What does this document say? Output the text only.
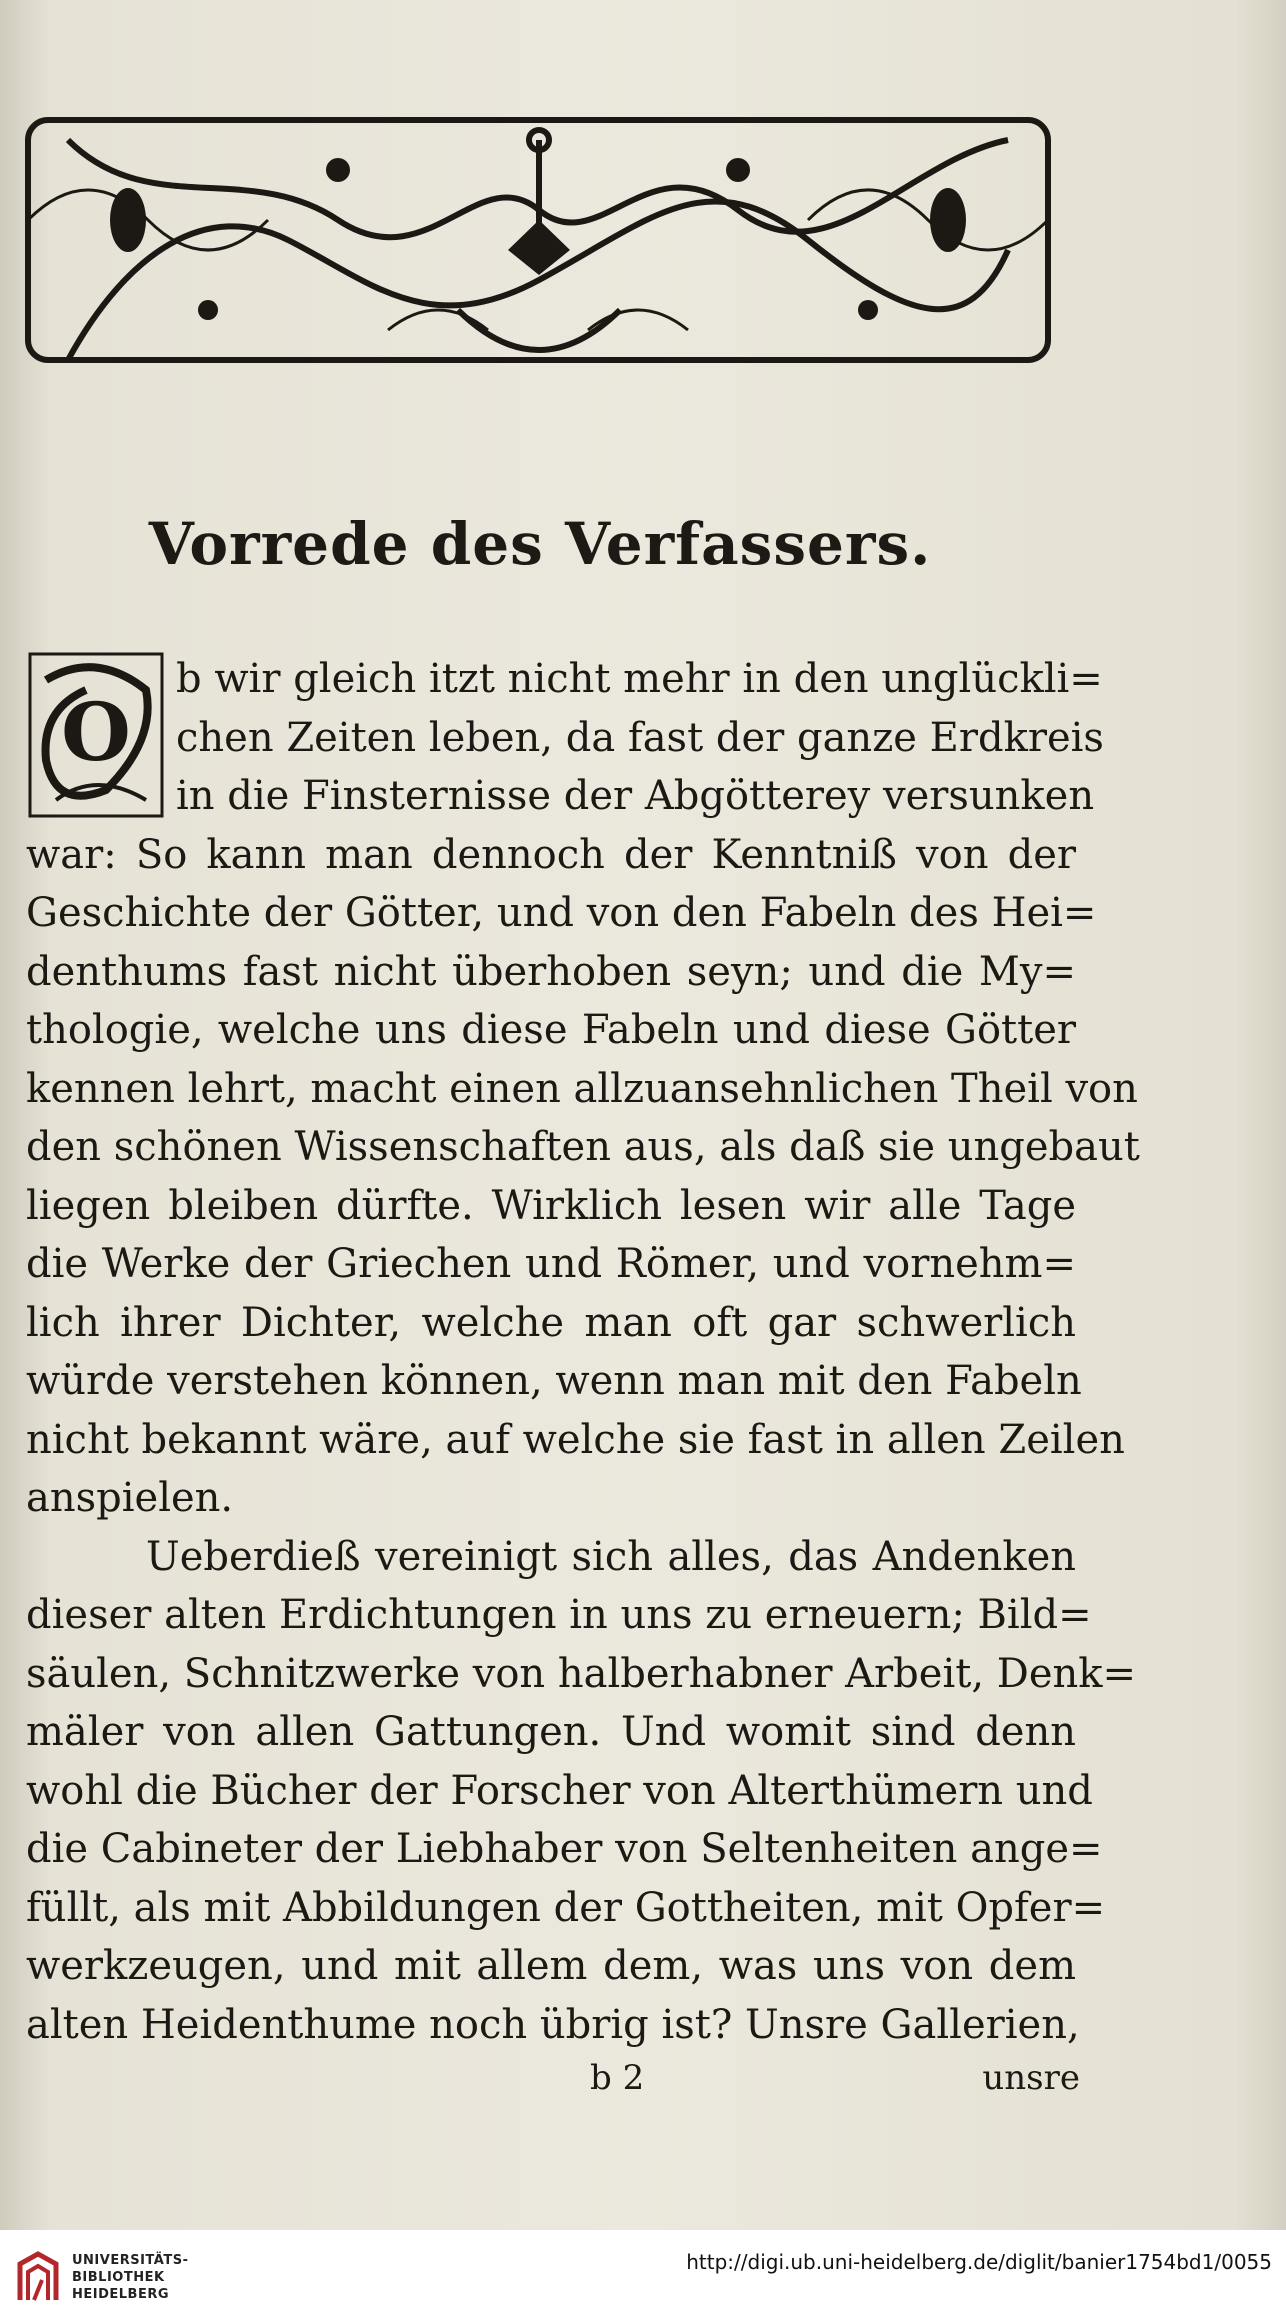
Vorrede des Verfassers.
O
b wir gleich itzt nicht mehr in den unglückli=
chen Zeiten leben, da fast der ganze Erdkreis
in die Finsternisse der Abgötterey versunken
war: So kann man dennoch der Kenntniß von der
Geschichte der Götter, und von den Fabeln des Hei=
denthums fast nicht überhoben seyn; und die My=
thologie, welche uns diese Fabeln und diese Götter
kennen lehrt, macht einen allzuansehnlichen Theil von
den schönen Wissenschaften aus, als daß sie ungebaut
liegen bleiben dürfte. Wirklich lesen wir alle Tage
die Werke der Griechen und Römer, und vornehm=
lich ihrer Dichter, welche man oft gar schwerlich
würde verstehen können, wenn man mit den Fabeln
nicht bekannt wäre, auf welche sie fast in allen Zeilen
anspielen.
Ueberdieß vereinigt sich alles, das Andenken
dieser alten Erdichtungen in uns zu erneuern; Bild=
säulen, Schnitzwerke von halberhabner Arbeit, Denk=
mäler von allen Gattungen. Und womit sind denn
wohl die Bücher der Forscher von Alterthümern und
die Cabineter der Liebhaber von Seltenheiten ange=
füllt, als mit Abbildungen der Gottheiten, mit Opfer=
werkzeugen, und mit allem dem, was uns von dem
alten Heidenthume noch übrig ist? Unsre Gallerien,
b 2	unsre
UNIVERSITÄTS-
BIBLIOTHEK
HEIDELBERG
http://digi.ub.uni-heidelberg.de/diglit/banier1754bd1/0055
